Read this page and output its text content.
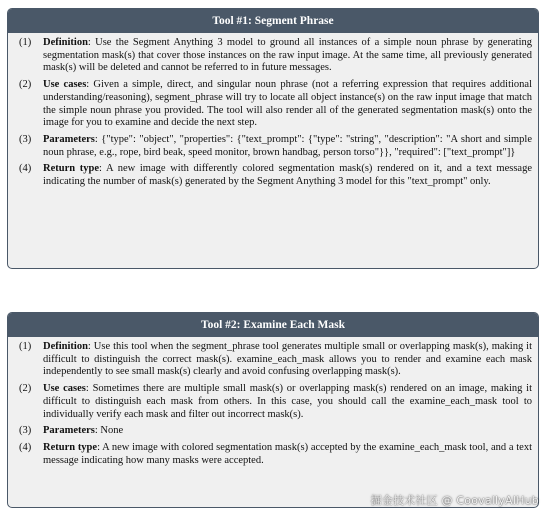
Tool #1: Segment Phrase
(1)	Definition: Use the Segment Anything 3 model to ground all instances of a simple noun phrase by generating segmentation mask(s) that cover those instances on the raw input image. At the same time, all previously generated mask(s) will be deleted and cannot be referred to in future messages.
(2)	Use cases: Given a simple, direct, and singular noun phrase (not a referring expression that requires additional understanding/reasoning), segment_phrase will try to locate all object instance(s) on the raw input image that match the simple noun phrase you provided. The tool will also render all of the generated segmentation mask(s) onto the image for you to examine and decide the next step.
(3)	Parameters: {"type": "object", "properties": {"text_prompt": {"type": "string", "description": "A short and simple noun phrase, e.g., rope, bird beak, speed monitor, brown handbag, person torso"}}, "required": ["text_prompt"]}
(4)	Return type: A new image with differently colored segmentation mask(s) rendered on it, and a text message indicating the number of mask(s) generated by the Segment Anything 3 model for this "text_prompt" only.
Tool #2: Examine Each Mask
(1)	Definition: Use this tool when the segment_phrase tool generates multiple small or overlapping mask(s), making it difficult to distinguish the correct mask(s). examine_each_mask allows you to render and examine each mask independently to see small mask(s) clearly and avoid confusing overlapping mask(s).
(2)	Use cases: Sometimes there are multiple small mask(s) or overlapping mask(s) rendered on an image, making it difficult to distinguish each mask from others. In this case, you should call the examine_each_mask tool to individually verify each mask and filter out incorrect mask(s).
(3)	Parameters: None
(4)	Return type: A new image with colored segmentation mask(s) accepted by the examine_each_mask tool, and a text message indicating how many masks were accepted.
掘金技术社区 @ CoovallyAIHub
